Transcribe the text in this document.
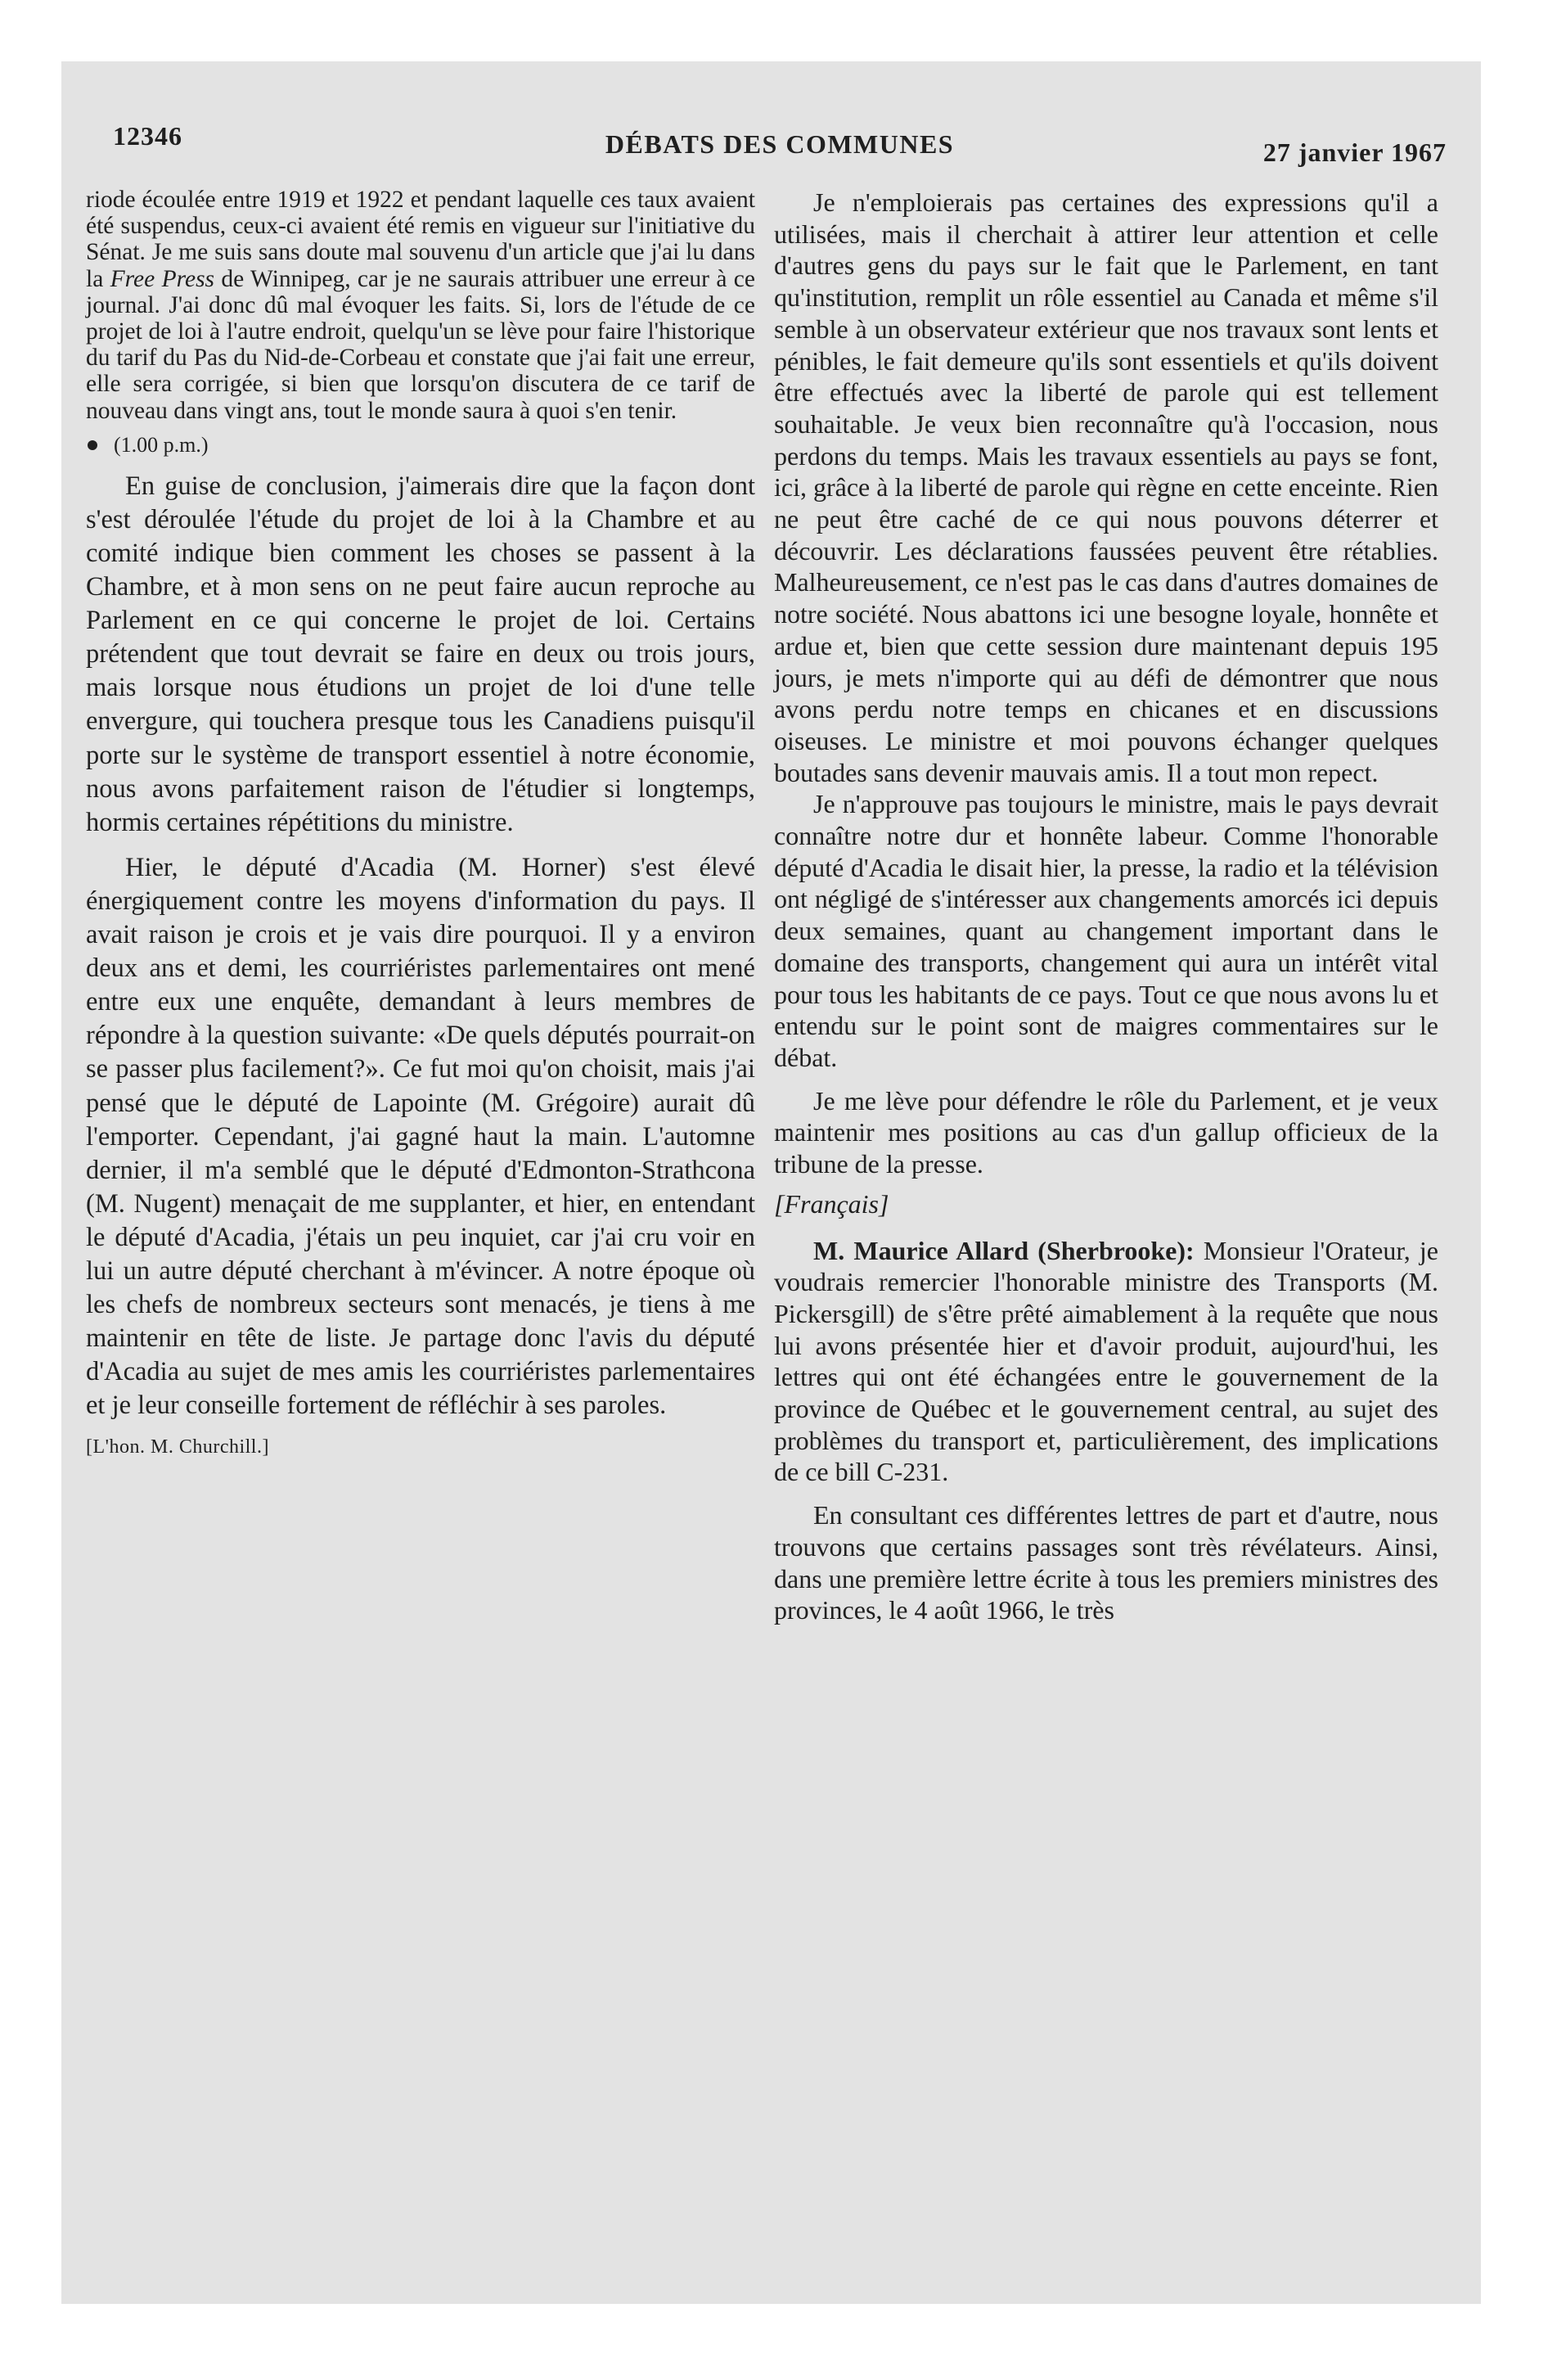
12346	DÉBATS DES COMMUNES	27 janvier 1967

riode écoulée entre 1919 et 1922 et pendant laquelle ces taux avaient été suspendus, ceux-ci avaient été remis en vigueur sur l'initiative du Sénat. Je me suis sans doute mal souvenu d'un article que j'ai lu dans la Free Press de Winnipeg, car je ne saurais attribuer une erreur à ce journal. J'ai donc dû mal évoquer les faits. Si, lors de l'étude de ce projet de loi à l'autre endroit, quelqu'un se lève pour faire l'historique du tarif du Pas du Nid-de-Corbeau et constate que j'ai fait une erreur, elle sera corrigée, si bien que lorsqu'on discutera de ce tarif de nouveau dans vingt ans, tout le monde saura à quoi s'en tenir.

(1.00 p.m.)

En guise de conclusion, j'aimerais dire que la façon dont s'est déroulée l'étude du projet de loi à la Chambre et au comité indique bien comment les choses se passent à la Chambre, et à mon sens on ne peut faire aucun reproche au Parlement en ce qui concerne le projet de loi. Certains prétendent que tout devrait se faire en deux ou trois jours, mais lorsque nous étudions un projet de loi d'une telle envergure, qui touchera presque tous les Canadiens puisqu'il porte sur le système de transport essentiel à notre économie, nous avons parfaitement raison de l'étudier si longtemps, hormis certaines répétitions du ministre.

Hier, le député d'Acadia (M. Horner) s'est élevé énergiquement contre les moyens d'information du pays. Il avait raison je crois et je vais dire pourquoi. Il y a environ deux ans et demi, les courriéristes parlementaires ont mené entre eux une enquête, demandant à leurs membres de répondre à la question suivante: «De quels députés pourrait-on se passer plus facilement?». Ce fut moi qu'on choisit, mais j'ai pensé que le député de Lapointe (M. Grégoire) aurait dû l'emporter. Cependant, j'ai gagné haut la main. L'automne dernier, il m'a semblé que le député d'Edmonton-Strathcona (M. Nugent) menaçait de me supplanter, et hier, en entendant le député d'Acadia, j'étais un peu inquiet, car j'ai cru voir en lui un autre député cherchant à m'évincer. A notre époque où les chefs de nombreux secteurs sont menacés, je tiens à me maintenir en tête de liste. Je partage donc l'avis du député d'Acadia au sujet de mes amis les courriéristes parlementaires et je leur conseille fortement de réfléchir à ses paroles.

[L'hon. M. Churchill.]

Je n'emploierais pas certaines des expressions qu'il a utilisées, mais il cherchait à attirer leur attention et celle d'autres gens du pays sur le fait que le Parlement, en tant qu'institution, remplit un rôle essentiel au Canada et même s'il semble à un observateur extérieur que nos travaux sont lents et pénibles, le fait demeure qu'ils sont essentiels et qu'ils doivent être effectués avec la liberté de parole qui est tellement souhaitable. Je veux bien reconnaître qu'à l'occasion, nous perdons du temps. Mais les travaux essentiels au pays se font, ici, grâce à la liberté de parole qui règne en cette enceinte. Rien ne peut être caché de ce qui nous pouvons déterrer et découvrir. Les déclarations faussées peuvent être rétablies. Malheureusement, ce n'est pas le cas dans d'autres domaines de notre société. Nous abattons ici une besogne loyale, honnête et ardue et, bien que cette session dure maintenant depuis 195 jours, je mets n'importe qui au défi de démontrer que nous avons perdu notre temps en chicanes et en discussions oiseuses. Le ministre et moi pouvons échanger quelques boutades sans devenir mauvais amis. Il a tout mon repect.

Je n'approuve pas toujours le ministre, mais le pays devrait connaître notre dur et honnête labeur. Comme l'honorable député d'Acadia le disait hier, la presse, la radio et la télévision ont négligé de s'intéresser aux changements amorcés ici depuis deux semaines, quant au changement important dans le domaine des transports, changement qui aura un intérêt vital pour tous les habitants de ce pays. Tout ce que nous avons lu et entendu sur le point sont de maigres commentaires sur le débat.

Je me lève pour défendre le rôle du Parlement, et je veux maintenir mes positions au cas d'un gallup officieux de la tribune de la presse.

[Français]

M. Maurice Allard (Sherbrooke): Monsieur l'Orateur, je voudrais remercier l'honorable ministre des Transports (M. Pickersgill) de s'être prêté aimablement à la requête que nous lui avons présentée hier et d'avoir produit, aujourd'hui, les lettres qui ont été échangées entre le gouvernement de la province de Québec et le gouvernement central, au sujet des problèmes du transport et, particulièrement, des implications de ce bill C-231.

En consultant ces différentes lettres de part et d'autre, nous trouvons que certains passages sont très révélateurs. Ainsi, dans une première lettre écrite à tous les premiers ministres des provinces, le 4 août 1966, le très
